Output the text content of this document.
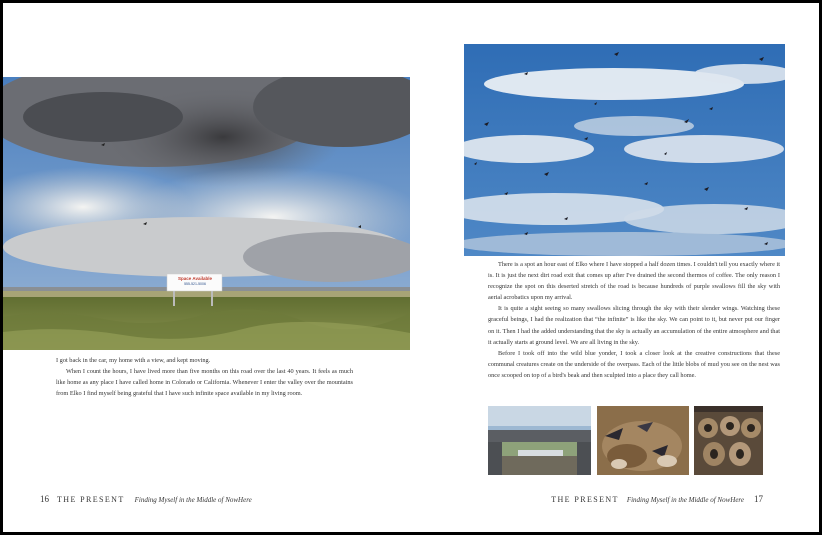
Space Available
555-521-5006

I got back in the car, my home with a view, and kept moving.

When I count the hours, I have lived more than five months on this road over the last 40 years. It feels as much like home as any place I have called home in Colorado or California. Whenever I enter the valley over the mountains from Elko I find myself being grateful that I have such infinite space available in my living room.

16 THE PRESENT Finding Myself in the Middle of NowHere

There is a spot an hour east of Elko where I have stopped a half dozen times. I couldn't tell you exactly where it is. It is just the next dirt road exit that comes up after I've drained the second thermos of coffee. The only reason I recognize the spot on this deserted stretch of the road is because hundreds of purple swallows fill the sky with aerial acrobatics upon my arrival.

It is quite a sight seeing so many swallows slicing through the sky with their slender wings. Watching these graceful beings, I had the realization that “the infinite” is like the sky. We can point to it, but never put our finger on it. Then I had the added understanding that the sky is actually an accumulation of the entire atmosphere and that it actually starts at ground level. We are all living in the sky.

Before I took off into the wild blue yonder, I took a closer look at the creative constructions that these communal creatures create on the underside of the overpass. Each of the little blobs of mud you see on the nest was once scooped on top of a bird's beak and then sculpted into a place they call home.

THE PRESENT Finding Myself in the Middle of NowHere 17
